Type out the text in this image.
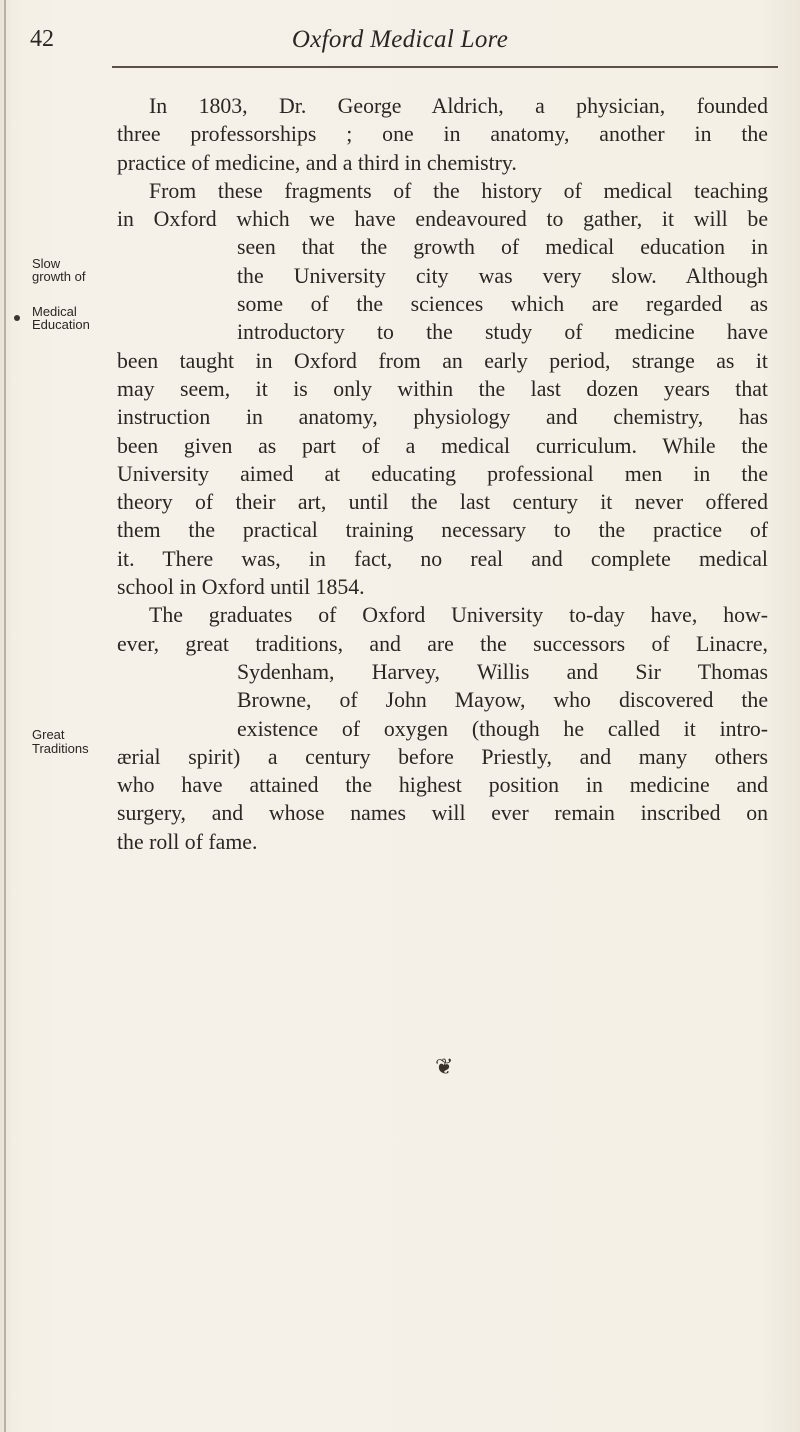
42	Oxford Medical Lore
In 1803, Dr. George Aldrich, a physician, founded
three professorships ; one in anatomy, another in the
practice of medicine, and a third in chemistry.
From these fragments of the history of medical teaching
in Oxford which we have endeavoured to gather, it will be
seen that the growth of medical education in
the University city was very slow. Although
some of the sciences which are regarded as
introductory to the study of medicine have
been taught in Oxford from an early period, strange as it
may seem, it is only within the last dozen years that
instruction in anatomy, physiology and chemistry, has
been given as part of a medical curriculum. While the
University aimed at educating professional men in the
theory of their art, until the last century it never offered
them the practical training necessary to the practice of
it. There was, in fact, no real and complete medical
school in Oxford until 1854.
The graduates of Oxford University to-day have, how-
ever, great traditions, and are the successors of Linacre,
Sydenham, Harvey, Willis and Sir Thomas
Browne, of John Mayow, who discovered the
existence of oxygen (though he called it intro-
ærial spirit) a century before Priestly, and many others
who have attained the highest position in medicine and
surgery, and whose names will ever remain inscribed on
the roll of fame.
Slow
growth of
Medical
Education
Great
Traditions
❦
